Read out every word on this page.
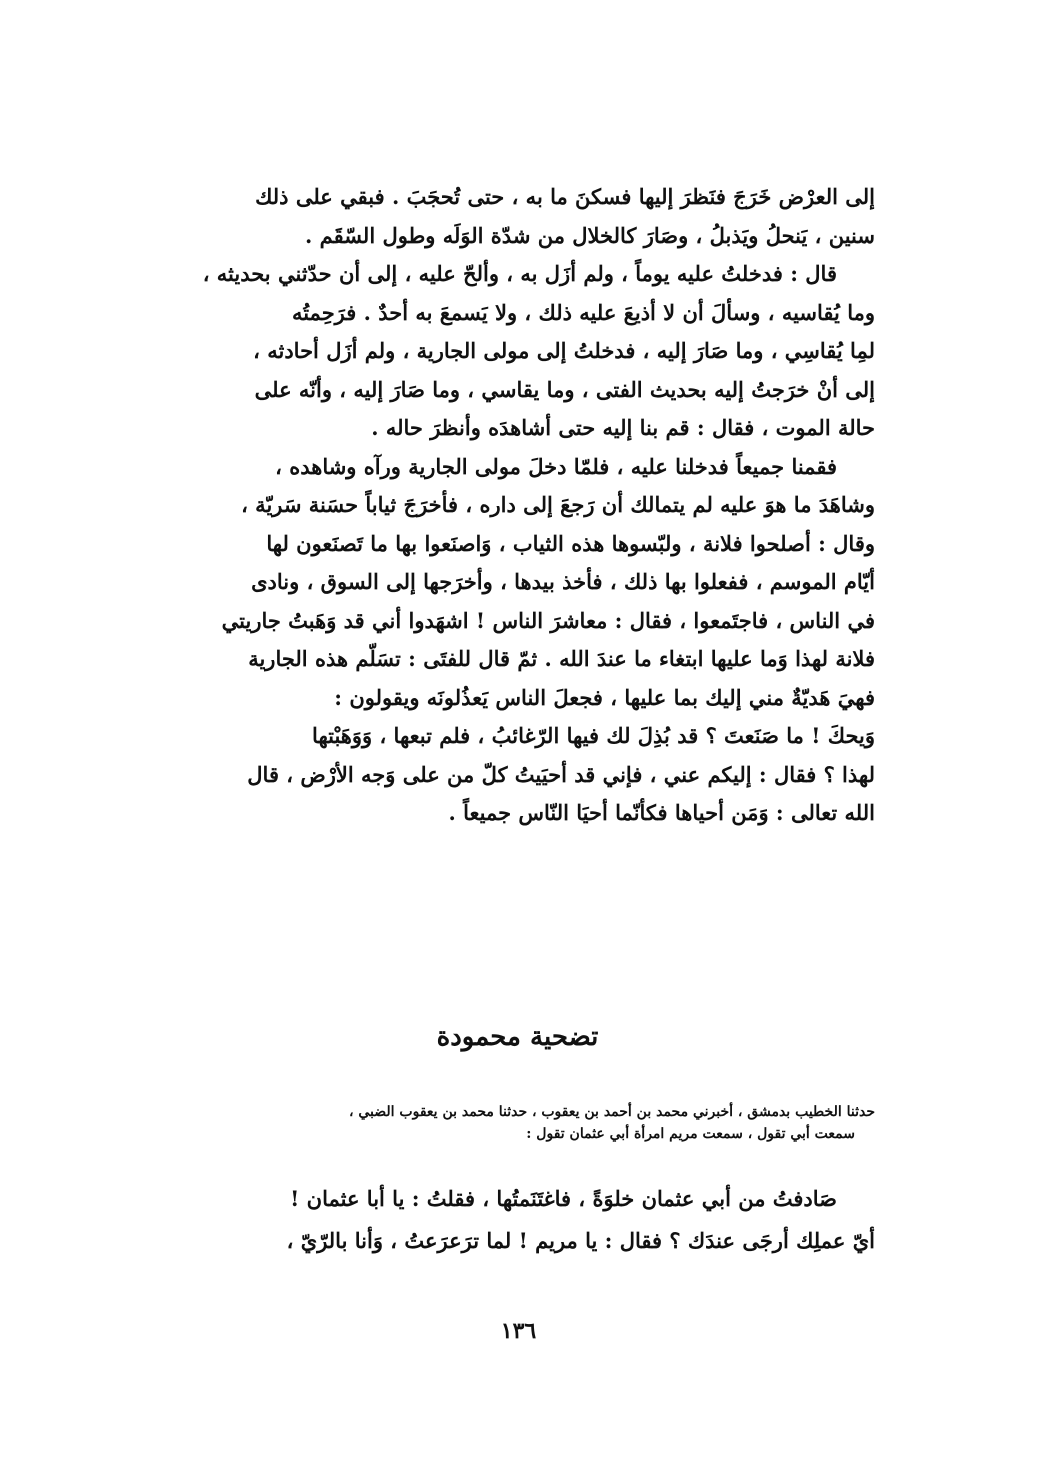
إلى العرْض خَرَجَ فنَظرَ إليها فسكنَ ما به ، حتى تُحجَبَ . فبقي على ذلك

سنين ، يَنحلُ ويَذبلُ ، وصَارَ كالخلال من شدّة الوَلَه وطول السّقَم .

قال : فدخلتُ عليه يوماً ، ولم أزَل به ، وألحّ عليه ، إلى أن حدّثني بحديثه ،

وما يُقاسيه ، وسألَ أن لا أذيعَ عليه ذلك ، ولا يَسمعَ به أحدٌ . فرَحِمتُه

لمِا يُقاسِي ، وما صَارَ إليه ، فدخلتُ إلى مولى الجارية ، ولم أزَل أحادثه ،

إلى أنْ خرَجتُ إليه بحديث الفتى ، وما يقاسي ، وما صَارَ إليه ، وأنّه على

حالة الموت ، فقال : قم بنا إليه حتى أشاهدَه وأنظرَ حاله .

فقمنا جميعاً فدخلنا عليه ، فلمّا دخلَ مولى الجارية ورآه وشاهده ،

وشاهَدَ ما هوَ عليه لم يتمالك أن رَجعَ إلى داره ، فأخرَجَ ثياباً حسَنة سَريّة ،

وقال : أصلحوا فلانة ، ولبّسوها هذه الثياب ، وَاصنَعوا بها ما تَصنَعون لها

أيّام الموسم ، ففعلوا بها ذلك ، فأخذ بيدها ، وأخرَجها إلى السوق ، ونادى

في الناس ، فاجتَمعوا ، فقال : معاشرَ الناس ! اشهَدوا أني قد وَهَبتُ جاريتي

فلانة لهذا وَما عليها ابتغاء ما عندَ الله . ثمّ قال للفتَى : تسَلّم هذه الجارية

فهيَ هَديّةٌ مني إليك بما عليها ، فجعلَ الناس يَعذُلونَه ويقولون :

وَيحكَ ! ما صَنَعتَ ؟ قد بُذِلَ لك فيها الرّغائبُ ، فلم تبعها ، وَوَهَبْتها

لهذا ؟ فقال : إليكم عني ، فإني قد أحيَيتُ كلّ من على وَجه الأرْض ، قال

الله تعالى : وَمَن أحياها فكأنّما أحيَا النّاس جميعاً .

تضحية محمودة

حدثنا الخطيب بدمشق ، أخبرني محمد بن أحمد بن يعقوب ، حدثنا محمد بن يعقوب الضبي ،

سمعت أبي تقول ، سمعت مريم امرأة أبي عثمان تقول :

صَادفتُ من أبي عثمان خلوَةً ، فاغتَنَمتُها ، فقلتُ : يا أبا عثمان !

أيّ عملِك أرجَى عندَك ؟ فقال : يا مريم ! لما ترَعرَعتُ ، وَأنا بالرّيّ ،

١٣٦
